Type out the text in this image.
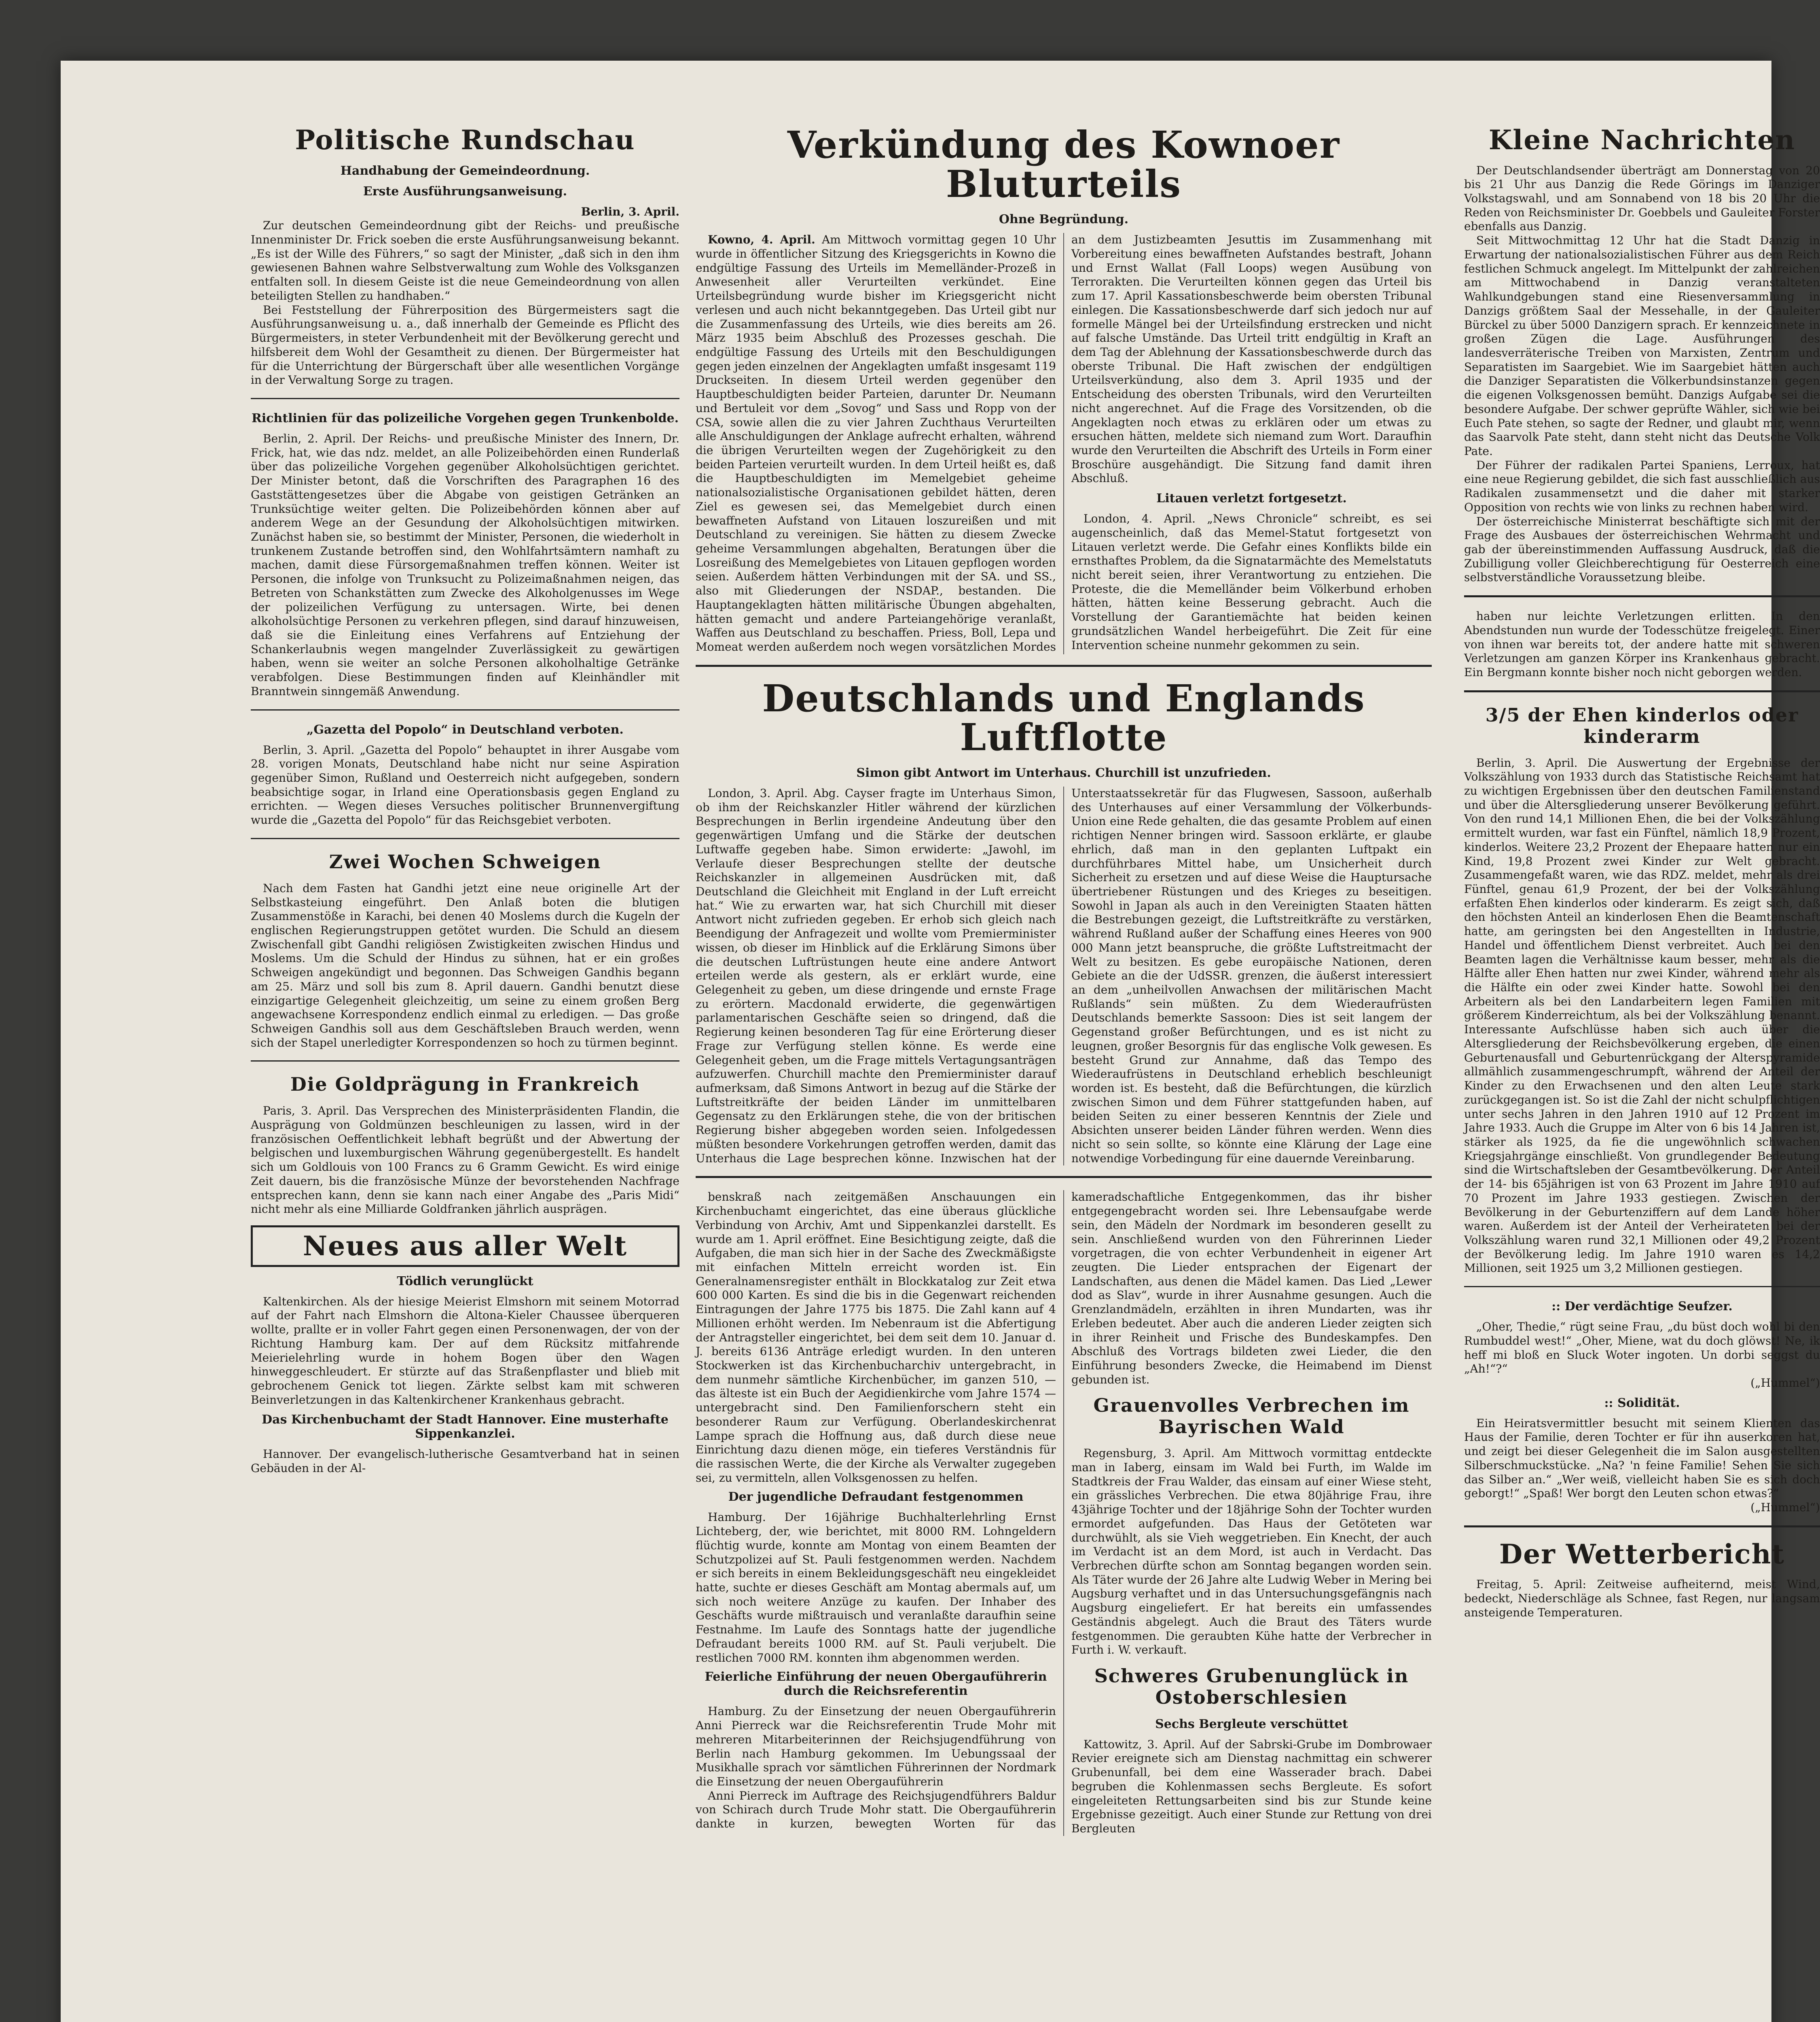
Politische Rundschau

Handhabung der Gemeindeordnung.

Erste Ausführungsanweisung.

Berlin, 3. April.

Zur deutschen Gemeindeordnung gibt der Reichs- und preußische Innenminister Dr. Frick soeben die erste Ausführungsanweisung bekannt. „Es ist der Wille des Führers,“ so sagt der Minister, „daß sich in den ihm gewiesenen Bahnen wahre Selbstverwaltung zum Wohle des Volksganzen entfalten soll. In diesem Geiste ist die neue Gemeindeordnung von allen beteiligten Stellen zu handhaben.“

Bei Feststellung der Führerposition des Bürgermeisters sagt die Ausführungsanweisung u. a., daß innerhalb der Gemeinde es Pflicht des Bürgermeisters, in steter Verbundenheit mit der Bevölkerung gerecht und hilfsbereit dem Wohl der Gesamtheit zu dienen. Der Bürgermeister hat für die Unterrichtung der Bürgerschaft über alle wesentlichen Vorgänge in der Verwaltung Sorge zu tragen.

Richtlinien für das polizeiliche Vorgehen gegen Trunkenbolde.

Berlin, 2. April. Der Reichs- und preußische Minister des Innern, Dr. Frick, hat, wie das ndz. meldet, an alle Polizeibehörden einen Runderlaß über das polizeiliche Vorgehen gegenüber Alkoholsüchtigen gerichtet. Der Minister betont, daß die Vorschriften des Paragraphen 16 des Gaststättengesetzes über die Abgabe von geistigen Getränken an Trunksüchtige weiter gelten. Die Polizeibehörden können aber auf anderem Wege an der Gesundung der Alkoholsüchtigen mitwirken. Zunächst haben sie, so bestimmt der Minister, Personen, die wiederholt in trunkenem Zustande betroffen sind, den Wohlfahrtsämtern namhaft zu machen, damit diese Fürsorgemaßnahmen treffen können. Weiter ist Personen, die infolge von Trunksucht zu Polizeimaßnahmen neigen, das Betreten von Schankstätten zum Zwecke des Alkoholgenusses im Wege der polizeilichen Verfügung zu untersagen. Wirte, bei denen alkoholsüchtige Personen zu verkehren pflegen, sind darauf hinzuweisen, daß sie die Einleitung eines Verfahrens auf Entziehung der Schankerlaubnis wegen mangelnder Zuverlässigkeit zu gewärtigen haben, wenn sie weiter an solche Personen alkoholhaltige Getränke verabfolgen. Diese Bestimmungen finden auf Kleinhändler mit Branntwein sinngemäß Anwendung.

„Gazetta del Popolo“ in Deutschland verboten.

Berlin, 3. April. „Gazetta del Popolo“ behauptet in ihrer Ausgabe vom 28. vorigen Monats, Deutschland habe nicht nur seine Aspiration gegenüber Simon, Rußland und Oesterreich nicht aufgegeben, sondern beabsichtige sogar, in Irland eine Operationsbasis gegen England zu errichten. — Wegen dieses Versuches politischer Brunnenvergiftung wurde die „Gazetta del Popolo“ für das Reichsgebiet verboten.

Zwei Wochen Schweigen

Nach dem Fasten hat Gandhi jetzt eine neue originelle Art der Selbstkasteiung eingeführt. Den Anlaß boten die blutigen Zusammenstöße in Karachi, bei denen 40 Moslems durch die Kugeln der englischen Regierungstruppen getötet wurden. Die Schuld an diesem Zwischenfall gibt Gandhi religiösen Zwistigkeiten zwischen Hindus und Moslems. Um die Schuld der Hindus zu sühnen, hat er ein großes Schweigen angekündigt und begonnen. Das Schweigen Gandhis begann am 25. März und soll bis zum 8. April dauern. Gandhi benutzt diese einzigartige Gelegenheit gleichzeitig, um seine zu einem großen Berg angewachsene Korrespondenz endlich einmal zu erledigen. — Das große Schweigen Gandhis soll aus dem Geschäftsleben Brauch werden, wenn sich der Stapel unerledigter Korrespondenzen so hoch zu türmen beginnt.

Die Goldprägung in Frankreich

Paris, 3. April. Das Versprechen des Ministerpräsidenten Flandin, die Ausprägung von Goldmünzen beschleunigen zu lassen, wird in der französischen Oeffentlichkeit lebhaft begrüßt und der Abwertung der belgischen und luxemburgischen Währung gegenübergestellt. Es handelt sich um Goldlouis von 100 Francs zu 6 Gramm Gewicht. Es wird einige Zeit dauern, bis die französische Münze der bevorstehenden Nachfrage entsprechen kann, denn sie kann nach einer Angabe des „Paris Midi“ nicht mehr als eine Milliarde Goldfranken jährlich ausprägen.

Neues aus aller Welt

Tödlich verunglückt

Kaltenkirchen. Als der hiesige Meierist Elmshorn mit seinem Motorrad auf der Fahrt nach Elmshorn die Altona-Kieler Chaussee überqueren wollte, prallte er in voller Fahrt gegen einen Personenwagen, der von der Richtung Hamburg kam. Der auf dem Rücksitz mitfahrende Meierielehrling wurde in hohem Bogen über den Wagen hinweggeschleudert. Er stürzte auf das Straßenpflaster und blieb mit gebrochenem Genick tot liegen. Zärkte selbst kam mit schweren Beinverletzungen in das Kaltenkirchener Krankenhaus gebracht.

Das Kirchenbuchamt der Stadt Hannover. Eine musterhafte Sippenkanzlei.

Hannover. Der evangelisch-lutherische Gesamtverband hat in seinen Gebäuden in der Al-

Verkündung des Kownoer Bluturteils

Ohne Begründung.

Kowno, 4. April. Am Mittwoch vormittag gegen 10 Uhr wurde in öffentlicher Sitzung des Kriegsgerichts in Kowno die endgültige Fassung des Urteils im Memelländer-Prozeß in Anwesenheit aller Verurteilten verkündet. Eine Urteilsbegründung wurde bisher im Kriegsgericht nicht verlesen und auch nicht bekanntgegeben. Das Urteil gibt nur die Zusammenfassung des Urteils, wie dies bereits am 26. März 1935 beim Abschluß des Prozesses geschah. Die endgültige Fassung des Urteils mit den Beschuldigungen gegen jeden einzelnen der Angeklagten umfaßt insgesamt 119 Druckseiten. In diesem Urteil werden gegenüber den Hauptbeschuldigten beider Parteien, darunter Dr. Neumann und Bertuleit vor dem „Sovog“ und Sass und Ropp von der CSA, sowie allen die zu vier Jahren Zuchthaus Verurteilten alle Anschuldigungen der Anklage aufrecht erhalten, während die übrigen Verurteilten wegen der Zugehörigkeit zu den beiden Parteien verurteilt wurden. In dem Urteil heißt es, daß die Hauptbeschuldigten im Memelgebiet geheime nationalsozialistische Organisationen gebildet hätten, deren Ziel es gewesen sei, das Memelgebiet durch einen bewaffneten Aufstand von Litauen loszureißen und mit Deutschland zu vereinigen. Sie hätten zu diesem Zwecke geheime Versammlungen abgehalten, Beratungen über die Losreißung des Memelgebietes von Litauen gepflogen worden seien. Außerdem hätten Verbindungen mit der SA. und SS., also mit Gliederungen der NSDAP., bestanden. Die Hauptangeklagten hätten militärische Übungen abgehalten, hätten gemacht und andere Parteiangehörige veranlaßt, Waffen aus Deutschland zu beschaffen. Priess, Boll, Lepa und Momeat werden außerdem noch wegen vorsätzlichen Mordes an dem Justizbeamten Jesuttis im Zusammenhang mit Vorbereitung eines bewaffneten Aufstandes bestraft, Johann und Ernst Wallat (Fall Loops) wegen Ausübung von Terrorakten. Die Verurteilten können gegen das Urteil bis zum 17. April Kassationsbeschwerde beim obersten Tribunal einlegen. Die Kassationsbeschwerde darf sich jedoch nur auf formelle Mängel bei der Urteilsfindung erstrecken und nicht auf falsche Umstände. Das Urteil tritt endgültig in Kraft an dem Tag der Ablehnung der Kassationsbeschwerde durch das oberste Tribunal. Die Haft zwischen der endgültigen Urteilsverkündung, also dem 3. April 1935 und der Entscheidung des obersten Tribunals, wird den Verurteilten nicht angerechnet. Auf die Frage des Vorsitzenden, ob die Angeklagten noch etwas zu erklären oder um etwas zu ersuchen hätten, meldete sich niemand zum Wort. Daraufhin wurde den Verurteilten die Abschrift des Urteils in Form einer Broschüre ausgehändigt. Die Sitzung fand damit ihren Abschluß.

Litauen verletzt fortgesetzt.

London, 4. April. „News Chronicle“ schreibt, es sei augenscheinlich, daß das Memel-Statut fortgesetzt von Litauen verletzt werde. Die Gefahr eines Konflikts bilde ein ernsthaftes Problem, da die Signatarmächte des Memelstatuts nicht bereit seien, ihrer Verantwortung zu entziehen. Die Proteste, die die Memelländer beim Völkerbund erhoben hätten, hätten keine Besserung gebracht. Auch die Vorstellung der Garantiemächte hat beiden keinen grundsätzlichen Wandel herbeigeführt. Die Zeit für eine Intervention scheine nunmehr gekommen zu sein.

Deutschlands und Englands Luftflotte

Simon gibt Antwort im Unterhaus. Churchill ist unzufrieden.

London, 3. April. Abg. Cayser fragte im Unterhaus Simon, ob ihm der Reichskanzler Hitler während der kürzlichen Besprechungen in Berlin irgendeine Andeutung über den gegenwärtigen Umfang und die Stärke der deutschen Luftwaffe gegeben habe. Simon erwiderte: „Jawohl, im Verlaufe dieser Besprechungen stellte der deutsche Reichskanzler in allgemeinen Ausdrücken mit, daß Deutschland die Gleichheit mit England in der Luft erreicht hat.“ Wie zu erwarten war, hat sich Churchill mit dieser Antwort nicht zufrieden gegeben. Er erhob sich gleich nach Beendigung der Anfragezeit und wollte vom Premierminister wissen, ob dieser im Hinblick auf die Erklärung Simons über die deutschen Luftrüstungen heute eine andere Antwort erteilen werde als gestern, als er erklärt wurde, eine Gelegenheit zu geben, um diese dringende und ernste Frage zu erörtern. Macdonald erwiderte, die gegenwärtigen parlamentarischen Geschäfte seien so dringend, daß die Regierung keinen besonderen Tag für eine Erörterung dieser Frage zur Verfügung stellen könne. Es werde eine Gelegenheit geben, um die Frage mittels Vertagungsanträgen aufzuwerfen. Churchill machte den Premierminister darauf aufmerksam, daß Simons Antwort in bezug auf die Stärke der Luftstreitkräfte der beiden Länder im unmittelbaren Gegensatz zu den Erklärungen stehe, die von der britischen Regierung bisher abgegeben worden seien. Infolgedessen müßten besondere Vorkehrungen getroffen werden, damit das Unterhaus die Lage besprechen könne. Inzwischen hat der Unterstaatssekretär für das Flugwesen, Sassoon, außerhalb des Unterhauses auf einer Versammlung der Völkerbunds-Union eine Rede gehalten, die das gesamte Problem auf einen richtigen Nenner bringen wird. Sassoon erklärte, er glaube ehrlich, daß man in den geplanten Luftpakt ein durchführbares Mittel habe, um Unsicherheit durch Sicherheit zu ersetzen und auf diese Weise die Hauptursache übertriebener Rüstungen und des Krieges zu beseitigen. Sowohl in Japan als auch in den Vereinigten Staaten hätten die Bestrebungen gezeigt, die Luftstreitkräfte zu verstärken, während Rußland außer der Schaffung eines Heeres von 900 000 Mann jetzt beanspruche, die größte Luftstreitmacht der Welt zu besitzen. Es gebe europäische Nationen, deren Gebiete an die der UdSSR. grenzen, die äußerst interessiert an dem „unheilvollen Anwachsen der militärischen Macht Rußlands“ sein müßten. Zu dem Wiederaufrüsten Deutschlands bemerkte Sassoon: Dies ist seit langem der Gegenstand großer Befürchtungen, und es ist nicht zu leugnen, großer Besorgnis für das englische Volk gewesen. Es besteht Grund zur Annahme, daß das Tempo des Wiederaufrüstens in Deutschland erheblich beschleunigt worden ist. Es besteht, daß die Befürchtungen, die kürzlich zwischen Simon und dem Führer stattgefunden haben, auf beiden Seiten zu einer besseren Kenntnis der Ziele und Absichten unserer beiden Länder führen werden. Wenn dies nicht so sein sollte, so könnte eine Klärung der Lage eine notwendige Vorbedingung für eine dauernde Vereinbarung.

benskraß nach zeitgemäßen Anschauungen ein Kirchenbuchamt eingerichtet, das eine überaus glückliche Verbindung von Archiv, Amt und Sippenkanzlei darstellt. Es wurde am 1. April eröffnet. Eine Besichtigung zeigte, daß die Aufgaben, die man sich hier in der Sache des Zweckmäßigste mit einfachen Mitteln erreicht worden ist. Ein Generalnamensregister enthält in Blockkatalog zur Zeit etwa 600 000 Karten. Es sind die bis in die Gegenwart reichenden Eintragungen der Jahre 1775 bis 1875. Die Zahl kann auf 4 Millionen erhöht werden. Im Nebenraum ist die Abfertigung der Antragsteller eingerichtet, bei dem seit dem 10. Januar d. J. bereits 6136 Anträge erledigt wurden. In den unteren Stockwerken ist das Kirchenbucharchiv untergebracht, in dem nunmehr sämtliche Kirchenbücher, im ganzen 510, — das älteste ist ein Buch der Aegidienkirche vom Jahre 1574 — untergebracht sind. Den Familienforschern steht ein besonderer Raum zur Verfügung. Oberlandeskirchenrat Lampe sprach die Hoffnung aus, daß durch diese neue Einrichtung dazu dienen möge, ein tieferes Verständnis für die rassischen Werte, die der Kirche als Verwalter zugegeben sei, zu vermitteln, allen Volksgenossen zu helfen.

Der jugendliche Defraudant festgenommen

Hamburg. Der 16jährige Buchhalterlehrling Ernst Lichteberg, der, wie berichtet, mit 8000 RM. Lohngeldern flüchtig wurde, konnte am Montag von einem Beamten der Schutzpolizei auf St. Pauli festgenommen werden. Nachdem er sich bereits in einem Bekleidungsgeschäft neu eingekleidet hatte, suchte er dieses Geschäft am Montag abermals auf, um sich noch weitere Anzüge zu kaufen. Der Inhaber des Geschäfts wurde mißtrauisch und veranlaßte daraufhin seine Festnahme. Im Laufe des Sonntags hatte der jugendliche Defraudant bereits 1000 RM. auf St. Pauli verjubelt. Die restlichen 7000 RM. konnten ihm abgenommen werden.

Feierliche Einführung der neuen Obergauführerin durch die Reichsreferentin

Hamburg. Zu der Einsetzung der neuen Obergauführerin Anni Pierreck war die Reichsreferentin Trude Mohr mit mehreren Mitarbeiterinnen der Reichsjugendführung von Berlin nach Hamburg gekommen. Im Uebungssaal der Musikhalle sprach vor sämtlichen Führerinnen der Nordmark die Einsetzung der neuen Obergauführerin

Anni Pierreck im Auftrage des Reichsjugendführers Baldur von Schirach durch Trude Mohr statt. Die Obergauführerin dankte in kurzen, bewegten Worten für das kameradschaftliche Entgegenkommen, das ihr bisher entgegengebracht worden sei. Ihre Lebensaufgabe werde sein, den Mädeln der Nordmark im besonderen gesellt zu sein. Anschließend wurden von den Führerinnen Lieder vorgetragen, die von echter Verbundenheit in eigener Art zeugten. Die Lieder entsprachen der Eigenart der Landschaften, aus denen die Mädel kamen. Das Lied „Lewer dod as Slav“, wurde in ihrer Ausnahme gesungen. Auch die Grenzlandmädeln, erzählten in ihren Mundarten, was ihr Erleben bedeutet. Aber auch die anderen Lieder zeigten sich in ihrer Reinheit und Frische des Bundeskampfes. Den Abschluß des Vortrags bildeten zwei Lieder, die den Einführung besonders Zwecke, die Heimabend im Dienst gebunden ist.

Grauenvolles Verbrechen im Bayrischen Wald

Regensburg, 3. April. Am Mittwoch vormittag entdeckte man in Iaberg, einsam im Wald bei Furth, im Walde im Stadtkreis der Frau Walder, das einsam auf einer Wiese steht, ein grässliches Verbrechen. Die etwa 80jährige Frau, ihre 43jährige Tochter und der 18jährige Sohn der Tochter wurden ermordet aufgefunden. Das Haus der Getöteten war durchwühlt, als sie Vieh weggetrieben. Ein Knecht, der auch im Verdacht ist an dem Mord, ist auch in Verdacht. Das Verbrechen dürfte schon am Sonntag begangen worden sein. Als Täter wurde der 26 Jahre alte Ludwig Weber in Mering bei Augsburg verhaftet und in das Untersuchungsgefängnis nach Augsburg eingeliefert. Er hat bereits ein umfassendes Geständnis abgelegt. Auch die Braut des Täters wurde festgenommen. Die geraubten Kühe hatte der Verbrecher in Furth i. W. verkauft.

Schweres Grubenunglück in Ostoberschlesien

Sechs Bergleute verschüttet

Kattowitz, 3. April. Auf der Sabrski-Grube im Dombrowaer Revier ereignete sich am Dienstag nachmittag ein schwerer Grubenunfall, bei dem eine Wasserader brach. Dabei begruben die Kohlenmassen sechs Bergleute. Es sofort eingeleiteten Rettungsarbeiten sind bis zur Stunde keine Ergebnisse gezeitigt. Auch einer Stunde zur Rettung von drei Bergleuten

Kleine Nachrichten

Der Deutschlandsender überträgt am Donnerstag von 20 bis 21 Uhr aus Danzig die Rede Görings im Danziger Volkstagswahl, und am Sonnabend von 18 bis 20 Uhr die Reden von Reichsminister Dr. Goebbels und Gauleiter Forster ebenfalls aus Danzig.

Seit Mittwochmittag 12 Uhr hat die Stadt Danzig in Erwartung der nationalsozialistischen Führer aus dem Reich festlichen Schmuck angelegt. Im Mittelpunkt der zahlreichen am Mittwochabend in Danzig veranstalteten Wahlkundgebungen stand eine Riesenversammlung in Danzigs größtem Saal der Messehalle, in der Gauleiter Bürckel zu über 5000 Danzigern sprach. Er kennzeichnete in großen Zügen die Lage. Ausführungen des landesverräterische Treiben von Marxisten, Zentrum und Separatisten im Saargebiet. Wie im Saargebiet hätten auch die Danziger Separatisten die Völkerbundsinstanzen gegen die eigenen Volksgenossen bemüht. Danzigs Aufgabe sei die besondere Aufgabe. Der schwer geprüfte Wähler, sich wie bei Euch Pate stehen, so sagte der Redner, und glaubt mir, wenn das Saarvolk Pate steht, dann steht nicht das Deutsche Volk Pate.

Der Führer der radikalen Partei Spaniens, Lerroux, hat eine neue Regierung gebildet, die sich fast ausschließlich aus Radikalen zusammensetzt und die daher mit starker Opposition von rechts wie von links zu rechnen haben wird.

Der österreichische Ministerrat beschäftigte sich mit der Frage des Ausbaues der österreichischen Wehrmacht und gab der übereinstimmenden Auffassung Ausdruck, daß die Zubilligung voller Gleichberechtigung für Oesterreich eine selbstverständliche Voraussetzung bleibe.

haben nur leichte Verletzungen erlitten. In den Abendstunden nun wurde der Todesschütze freigelegt. Einer von ihnen war bereits tot, der andere hatte mit schweren Verletzungen am ganzen Körper ins Krankenhaus gebracht. Ein Bergmann konnte bisher noch nicht geborgen werden.

3/5 der Ehen kinderlos oder kinderarm

Berlin, 3. April. Die Auswertung der Ergebnisse der Volkszählung von 1933 durch das Statistische Reichsamt hat zu wichtigen Ergebnissen über den deutschen Familienstand und über die Altersgliederung unserer Bevölkerung geführt. Von den rund 14,1 Millionen Ehen, die bei der Volkszählung ermittelt wurden, war fast ein Fünftel, nämlich 18,9 Prozent, kinderlos. Weitere 23,2 Prozent der Ehepaare hatten nur ein Kind, 19,8 Prozent zwei Kinder zur Welt gebracht. Zusammengefaßt waren, wie das RDZ. meldet, mehr als drei Fünftel, genau 61,9 Prozent, der bei der Volkszählung erfaßten Ehen kinderlos oder kinderarm. Es zeigt sich, daß den höchsten Anteil an kinderlosen Ehen die Beamtenschaft hatte, am geringsten bei den Angestellten in Industrie, Handel und öffentlichem Dienst verbreitet. Auch bei den Beamten lagen die Verhältnisse kaum besser, mehr als die Hälfte aller Ehen hatten nur zwei Kinder, während mehr als die Hälfte ein oder zwei Kinder hatte. Sowohl bei den Arbeitern als bei den Landarbeitern legen Familien mit größerem Kinderreichtum, als bei der Volkszählung benannt. Interessante Aufschlüsse haben sich auch über die Altersgliederung der Reichsbevölkerung ergeben, die einen Geburtenausfall und Geburtenrückgang der Alterspyramide allmählich zusammengeschrumpft, während der Anteil der Kinder zu den Erwachsenen und den alten Leute stark zurückgegangen ist. So ist die Zahl der nicht schulpflichtigen unter sechs Jahren in den Jahren 1910 auf 12 Prozent im Jahre 1933. Auch die Gruppe im Alter von 6 bis 14 Jahren ist, stärker als 1925, da fie die ungewöhnlich schwachen Kriegsjahrgänge einschließt. Von grundlegender Bedeutung sind die Wirtschaftsleben der Gesamtbevölkerung. Der Anteil der 14- bis 65jährigen ist von 63 Prozent im Jahre 1910 auf 70 Prozent im Jahre 1933 gestiegen. Zwischen der Bevölkerung in der Geburtenziffern auf dem Lande höher waren. Außerdem ist der Anteil der Verheirateten bei der Volkszählung waren rund 32,1 Millionen oder 49,2 Prozent der Bevölkerung ledig. Im Jahre 1910 waren es 14,2 Millionen, seit 1925 um 3,2 Millionen gestiegen.

:: Der verdächtige Seufzer.

„Oher, Thedie,“ rügt seine Frau, „du büst doch wohl bi den Rumbuddel west!“ „Oher, Miene, wat du doch glöwst! Ne, ik heff mi bloß en Sluck Woter ingoten. Un dorbi seggst du „Ah!“?“

(„Hummel“)

:: Solidität.

Ein Heiratsvermittler besucht mit seinem Klienten das Haus der Familie, deren Tochter er für ihn auserkoren hat, und zeigt bei dieser Gelegenheit die im Salon ausgestellten Silberschmuckstücke. „Na? 'n feine Familie! Sehen Sie sich das Silber an.“ „Wer weiß, vielleicht haben Sie es sich doch geborgt!“ „Spaß! Wer borgt den Leuten schon etwas?“

(„Hummel“)

Der Wetterbericht

Freitag, 5. April: Zeitweise aufheiternd, meist Wind, bedeckt, Niederschläge als Schnee, fast Regen, nur langsam ansteigende Temperaturen.
